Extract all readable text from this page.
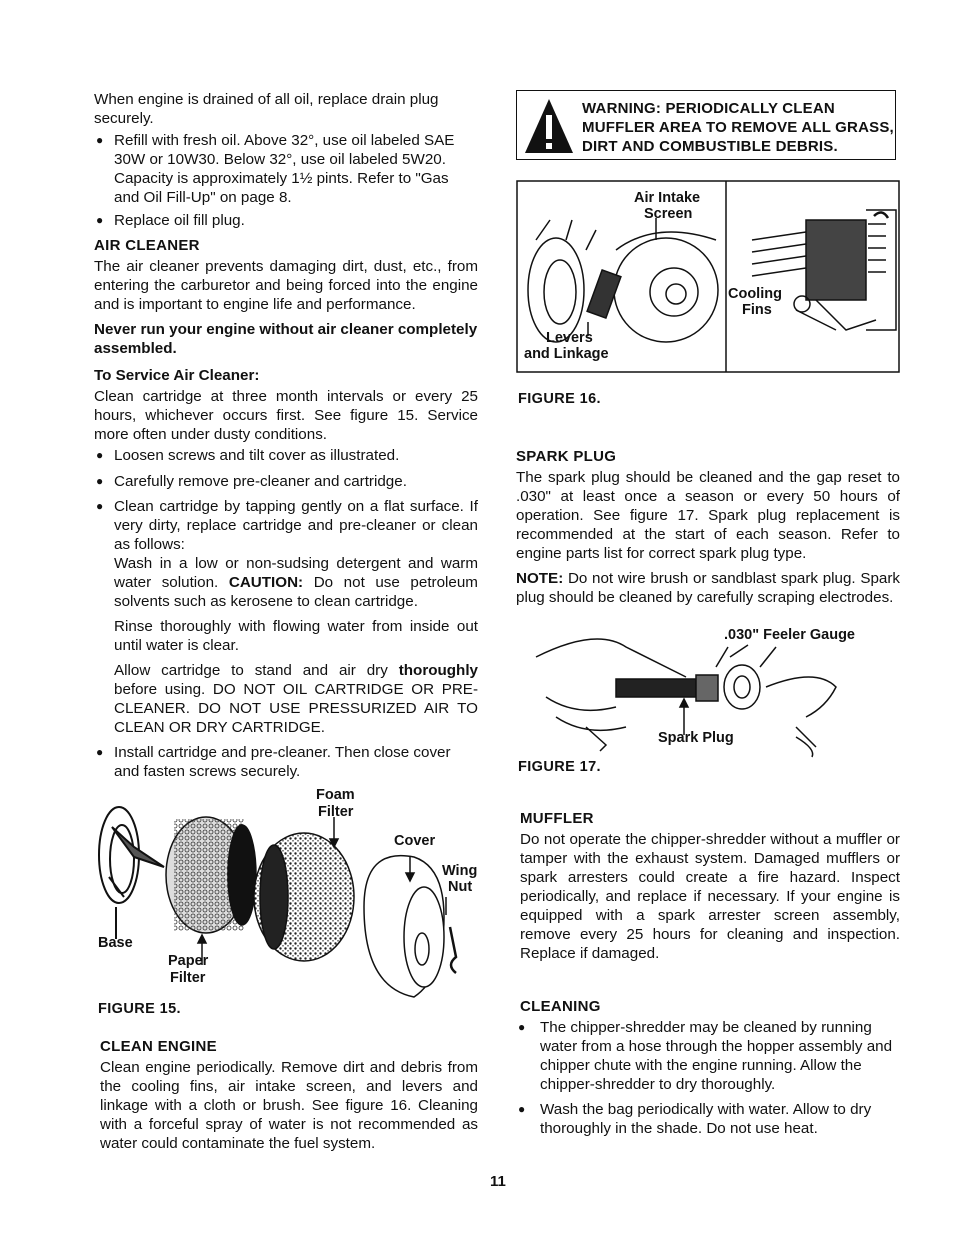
When engine is drained of all oil, replace drain plug securely.

● Refill with fresh oil. Above 32°, use oil labeled SAE 30W or 10W30. Below 32°, use oil labeled 5W20. Capacity is approximately 1½ pints. Refer to "Gas and Oil Fill-Up" on page 8.

● Replace oil fill plug.

AIR CLEANER

The air cleaner prevents damaging dirt, dust, etc., from entering the carburetor and being forced into the engine and is important to engine life and performance.

Never run your engine without air cleaner completely assembled.

To Service Air Cleaner:

Clean cartridge at three month intervals or every 25 hours, whichever occurs first. See figure 15. Service more often under dusty conditions.

● Loosen screws and tilt cover as illustrated.

● Carefully remove pre-cleaner and cartridge.

● Clean cartridge by tapping gently on a flat surface. If very dirty, replace cartridge and pre-cleaner or clean as follows:

Wash in a low or non-sudsing detergent and warm water solution. CAUTION: Do not use petroleum solvents such as kerosene to clean cartridge.

Rinse thoroughly with flowing water from inside out until water is clear.

Allow cartridge to stand and air dry thoroughly before using. DO NOT OIL CARTRIDGE OR PRE-CLEANER. DO NOT USE PRESSURIZED AIR TO CLEAN OR DRY CARTRIDGE.

● Install cartridge and pre-cleaner. Then close cover and fasten screws securely.

Foam
Filter
Cover
Wing
Nut
Base
Paper
Filter
FIGURE 15.

CLEAN ENGINE

Clean engine periodically. Remove dirt and debris from the cooling fins, air intake screen, and levers and linkage with a cloth or brush. See figure 16. Cleaning with a forceful spray of water is not recommended as water could contaminate the fuel system.

WARNING: PERIODICALLY CLEAN MUFFLER AREA TO REMOVE ALL GRASS, DIRT AND COMBUSTIBLE DEBRIS.
Air Intake
Screen
Levers
and Linkage
Cooling
Fins
FIGURE 16.

SPARK PLUG

The spark plug should be cleaned and the gap reset to .030" at least once a season or every 50 hours of operation. See figure 17. Spark plug replacement is recommended at the start of each season. Refer to engine parts list for correct spark plug type.

NOTE: Do not wire brush or sandblast spark plug. Spark plug should be cleaned by carefully scraping electrodes.

.030" Feeler Gauge
Spark Plug
FIGURE 17.

MUFFLER

Do not operate the chipper-shredder without a muffler or tamper with the exhaust system. Damaged mufflers or spark arresters could create a fire hazard. Inspect periodically, and replace if necessary. If your engine is equipped with a spark arrester screen assembly, remove every 25 hours for cleaning and inspection. Replace if damaged.

CLEANING

● The chipper-shredder may be cleaned by running water from a hose through the hopper assembly and chipper chute with the engine running. Allow the chipper-shredder to dry thoroughly.

● Wash the bag periodically with water. Allow to dry thoroughly in the shade. Do not use heat.

11
